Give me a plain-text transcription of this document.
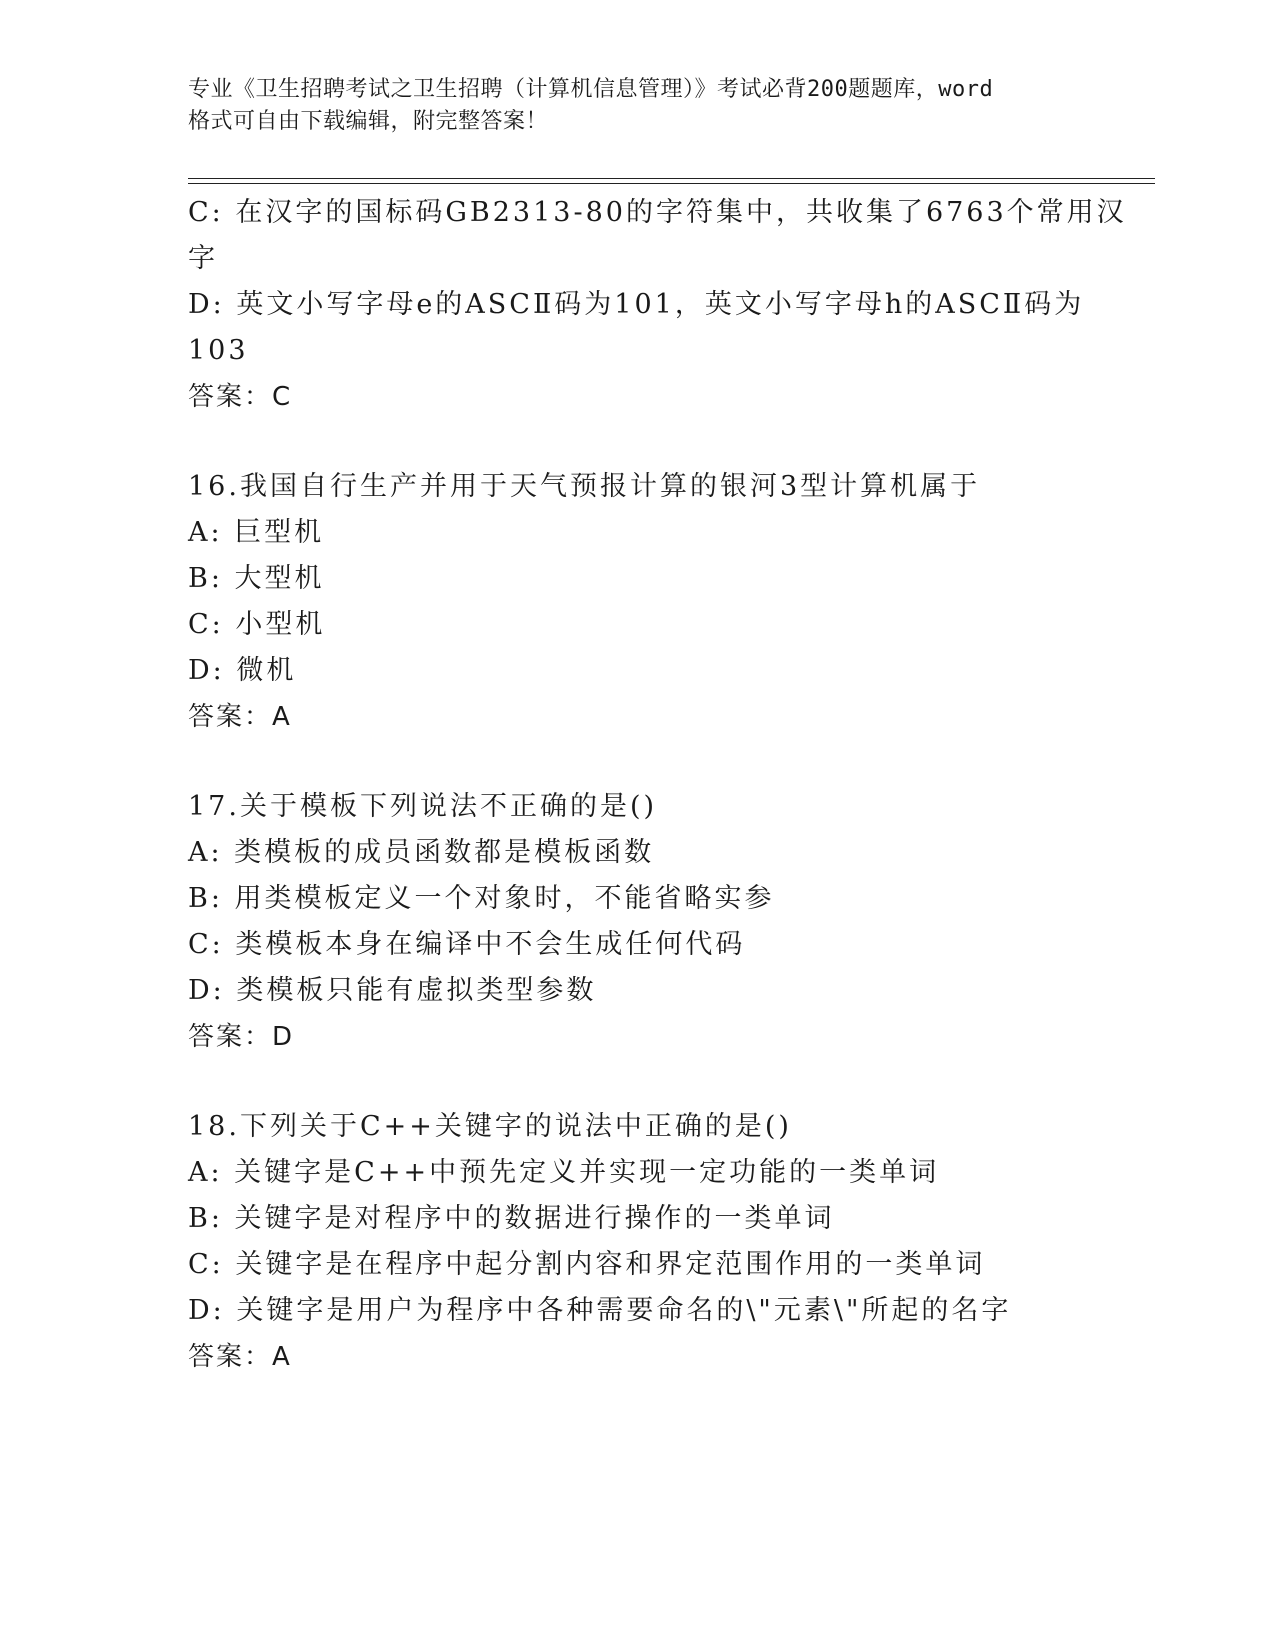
专业《卫生招聘考试之卫生招聘（计算机信息管理）》考试必背200题题库，word
格式可自由下载编辑，附完整答案！
C: 在汉字的国标码GB2313-80的字符集中，共收集了6763个常用汉
字
D: 英文小写字母e的ASCⅡ码为101，英文小写字母h的ASCⅡ码为
103
答案：C
16.我国自行生产并用于天气预报计算的银河3型计算机属于
A: 巨型机
B: 大型机
C: 小型机
D: 微机
答案：A
17.关于模板下列说法不正确的是()
A: 类模板的成员函数都是模板函数
B: 用类模板定义一个对象时，不能省略实参
C: 类模板本身在编译中不会生成任何代码
D: 类模板只能有虚拟类型参数
答案：D
18.下列关于C++关键字的说法中正确的是()
A: 关键字是C++中预先定义并实现一定功能的一类单词
B: 关键字是对程序中的数据进行操作的一类单词
C: 关键字是在程序中起分割内容和界定范围作用的一类单词
D: 关键字是用户为程序中各种需要命名的\"元素\"所起的名字
答案：A
